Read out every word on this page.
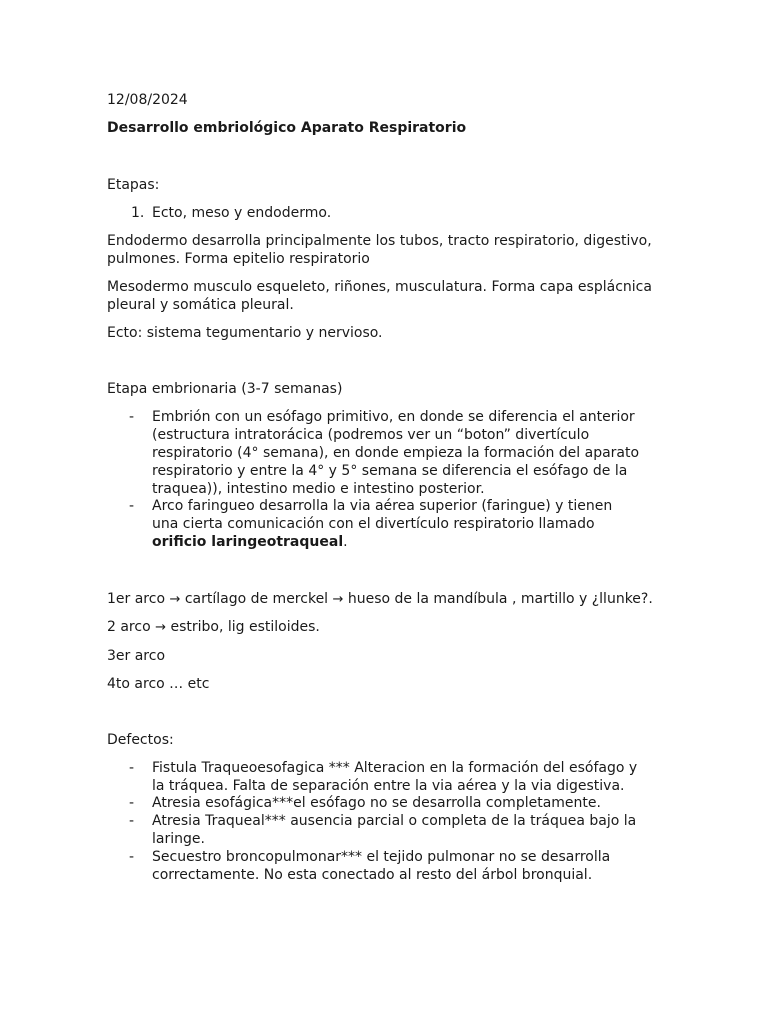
12/08/2024
Desarrollo embriológico Aparato Respiratorio
Etapas:
1. Ecto, meso y endodermo.
Endodermo desarrolla principalmente los tubos, tracto respiratorio, digestivo, pulmones. Forma epitelio respiratorio
Mesodermo musculo esqueleto, riñones, musculatura. Forma capa esplácnica pleural y somática pleural.
Ecto: sistema tegumentario y nervioso.
Etapa embrionaria (3-7 semanas)
- Embrión con un esófago primitivo, en donde se diferencia el anterior (estructura intratorácica (podremos ver un “boton” divertículo respiratorio (4° semana), en donde empieza la formación del aparato respiratorio y entre la 4° y 5° semana se diferencia el esófago de la traquea)), intestino medio e intestino posterior.
- Arco faringueo desarrolla la via aérea superior (faringue) y tienen una cierta comunicación con el divertículo respiratorio llamado orificio laringeotraqueal.
1er arco → cartílago de merckel → hueso de la mandíbula , martillo y ¿llunke?.
2 arco → estribo, lig estiloides.
3er arco
4to arco … etc
Defectos:
- Fistula Traqueoesofagica *** Alteracion en la formación del esófago y la tráquea. Falta de separación entre la via aérea y la via digestiva.
- Atresia esofágica***el esófago no se desarrolla completamente.
- Atresia Traqueal*** ausencia parcial o completa de la tráquea bajo la laringe.
- Secuestro broncopulmonar*** el tejido pulmonar no se desarrolla correctamente. No esta conectado al resto del árbol bronquial.
